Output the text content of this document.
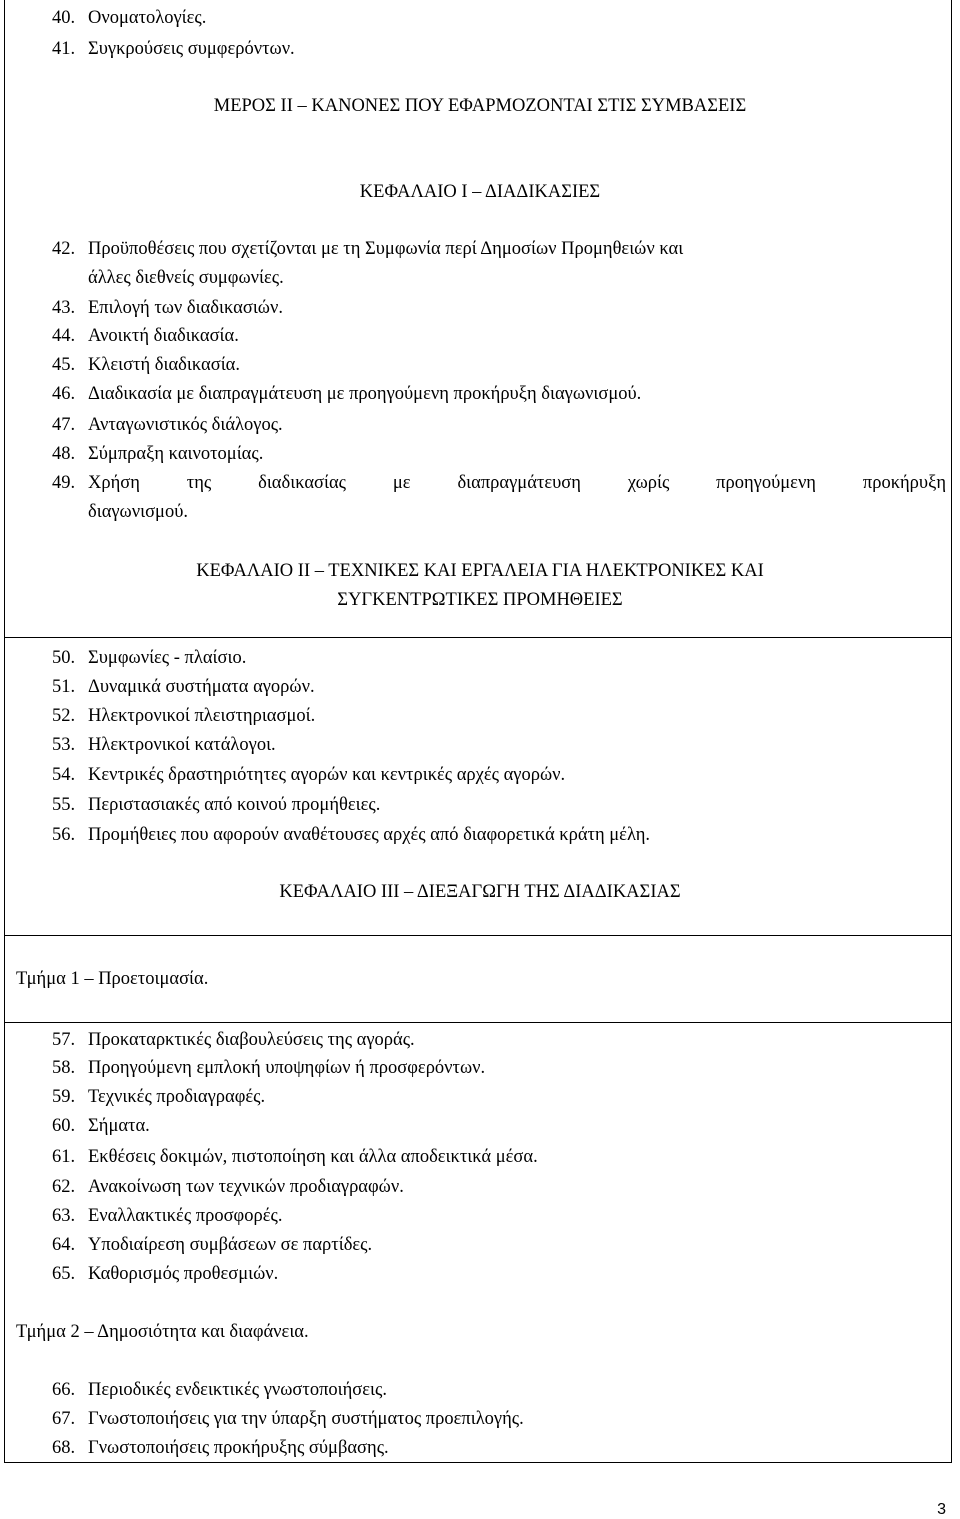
40. Ονοματολογίες.
41. Συγκρούσεις συμφερόντων.
ΜΕΡΟΣ ΙΙ – ΚΑΝΟΝΕΣ ΠΟΥ ΕΦΑΡΜΟΖΟΝΤΑΙ ΣΤΙΣ ΣΥΜΒΑΣΕΙΣ
ΚΕΦΑΛΑΙΟ Ι – ΔΙΑΔΙΚΑΣΙΕΣ
42. Προϋποθέσεις που σχετίζονται με τη Συμφωνία περί Δημοσίων Προμηθειών και
άλλες διεθνείς συμφωνίες.
43. Επιλογή των διαδικασιών.
44. Ανοικτή διαδικασία.
45. Κλειστή διαδικασία.
46. Διαδικασία με διαπραγμάτευση με προηγούμενη προκήρυξη διαγωνισμού.
47. Ανταγωνιστικός διάλογος.
48. Σύμπραξη καινοτομίας.
49. Χρήση της διαδικασίας με διαπραγμάτευση χωρίς προηγούμενη προκήρυξη
διαγωνισμού.
ΚΕΦΑΛΑΙΟ ΙΙ – ΤΕΧΝΙΚΕΣ ΚΑΙ ΕΡΓΑΛΕΙΑ ΓΙΑ ΗΛΕΚΤΡΟΝΙΚΕΣ ΚΑΙ
ΣΥΓΚΕΝΤΡΩΤΙΚΕΣ ΠΡΟΜΗΘΕΙΕΣ
50. Συμφωνίες - πλαίσιο.
51. Δυναμικά συστήματα αγορών.
52. Ηλεκτρονικοί πλειστηριασμοί.
53. Ηλεκτρονικοί κατάλογοι.
54. Κεντρικές δραστηριότητες αγορών και κεντρικές αρχές αγορών.
55. Περιστασιακές από κοινού προμήθειες.
56. Προμήθειες που αφορούν αναθέτουσες αρχές από διαφορετικά κράτη μέλη.
ΚΕΦΑΛΑΙΟ ΙΙΙ – ΔΙΕΞΑΓΩΓΗ ΤΗΣ ΔΙΑΔΙΚΑΣΙΑΣ
Τμήμα 1 – Προετοιμασία.
57. Προκαταρκτικές διαβουλεύσεις της αγοράς.
58. Προηγούμενη εμπλοκή υποψηφίων ή προσφερόντων.
59. Τεχνικές προδιαγραφές.
60. Σήματα.
61. Εκθέσεις δοκιμών, πιστοποίηση και άλλα αποδεικτικά μέσα.
62. Ανακοίνωση των τεχνικών προδιαγραφών.
63. Εναλλακτικές προσφορές.
64. Υποδιαίρεση συμβάσεων σε παρτίδες.
65. Καθορισμός προθεσμιών.
Τμήμα 2 – Δημοσιότητα και διαφάνεια.
66. Περιοδικές ενδεικτικές γνωστοποιήσεις.
67. Γνωστοποιήσεις για την ύπαρξη συστήματος προεπιλογής.
68. Γνωστοποιήσεις προκήρυξης σύμβασης.
3
